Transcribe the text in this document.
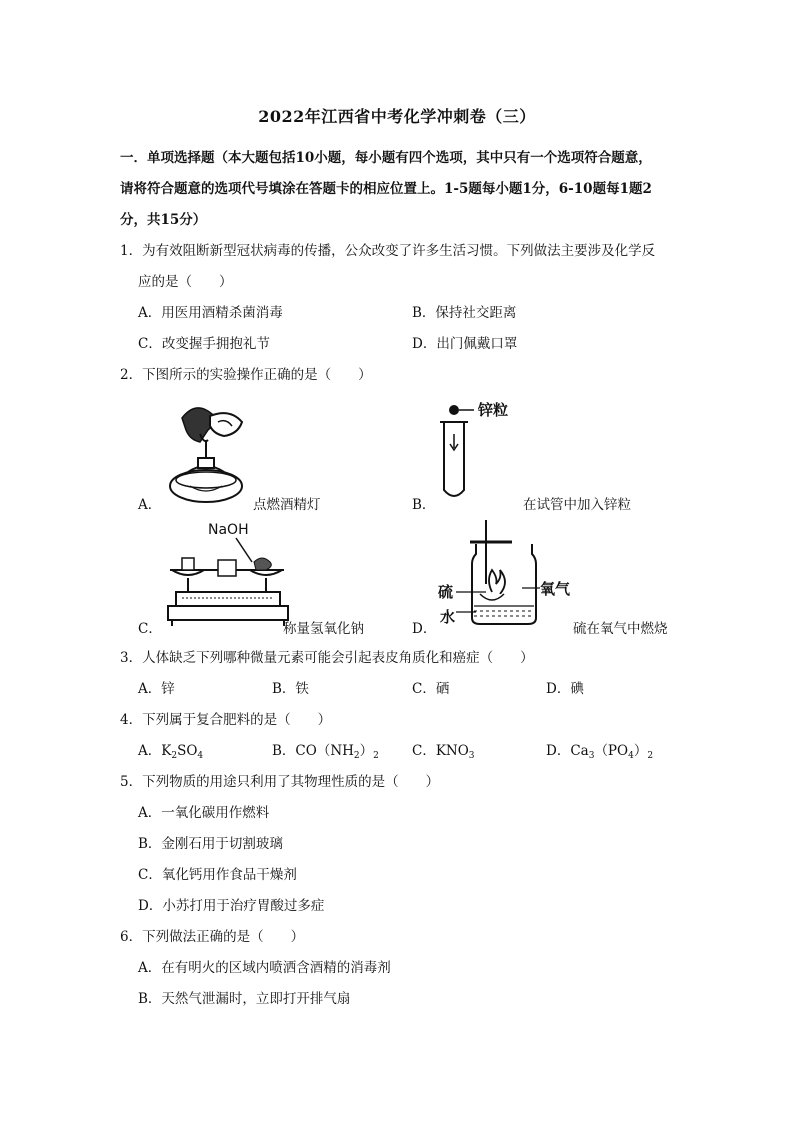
2022年江西省中考化学冲刺卷（三）
一．单项选择题（本大题包括10小题，每小题有四个选项，其中只有一个选项符合题意，
请将符合题意的选项代号填涂在答题卡的相应位置上。1-5题每小题1分，6-10题每1题2
分，共15分）
1．为有效阻断新型冠状病毒的传播，公众改变了许多生活习惯。下列做法主要涉及化学反
应的是（　　）
A．用医用酒精杀菌消毒	B．保持社交距离
C．改变握手拥抱礼节	D．出门佩戴口罩
2．下图所示的实验操作正确的是（　　）
A．	点燃酒精灯
锌粒
B．	在试管中加入锌粒
NaOH
C．	称量氢氧化钠
硫
水
氧气
D．	硫在氧气中燃烧
3．人体缺乏下列哪种微量元素可能会引起表皮角质化和癌症（　　）
A．锌	B．铁	C．硒	D．碘
4．下列属于复合肥料的是（　　）
A．$K_2SO_4$	B．$CO(NH_2)_2$ C．$KNO_3$	D．$Ca_3(PO_4)_2$
5．下列物质的用途只利用了其物理性质的是（　　）
A．一氧化碳用作燃料
B．金刚石用于切割玻璃
C．氧化钙用作食品干燥剂
D．小苏打用于治疗胃酸过多症
6．下列做法正确的是（　　）
A．在有明火的区域内喷洒含酒精的消毒剂
B．天然气泄漏时，立即打开排气扇
